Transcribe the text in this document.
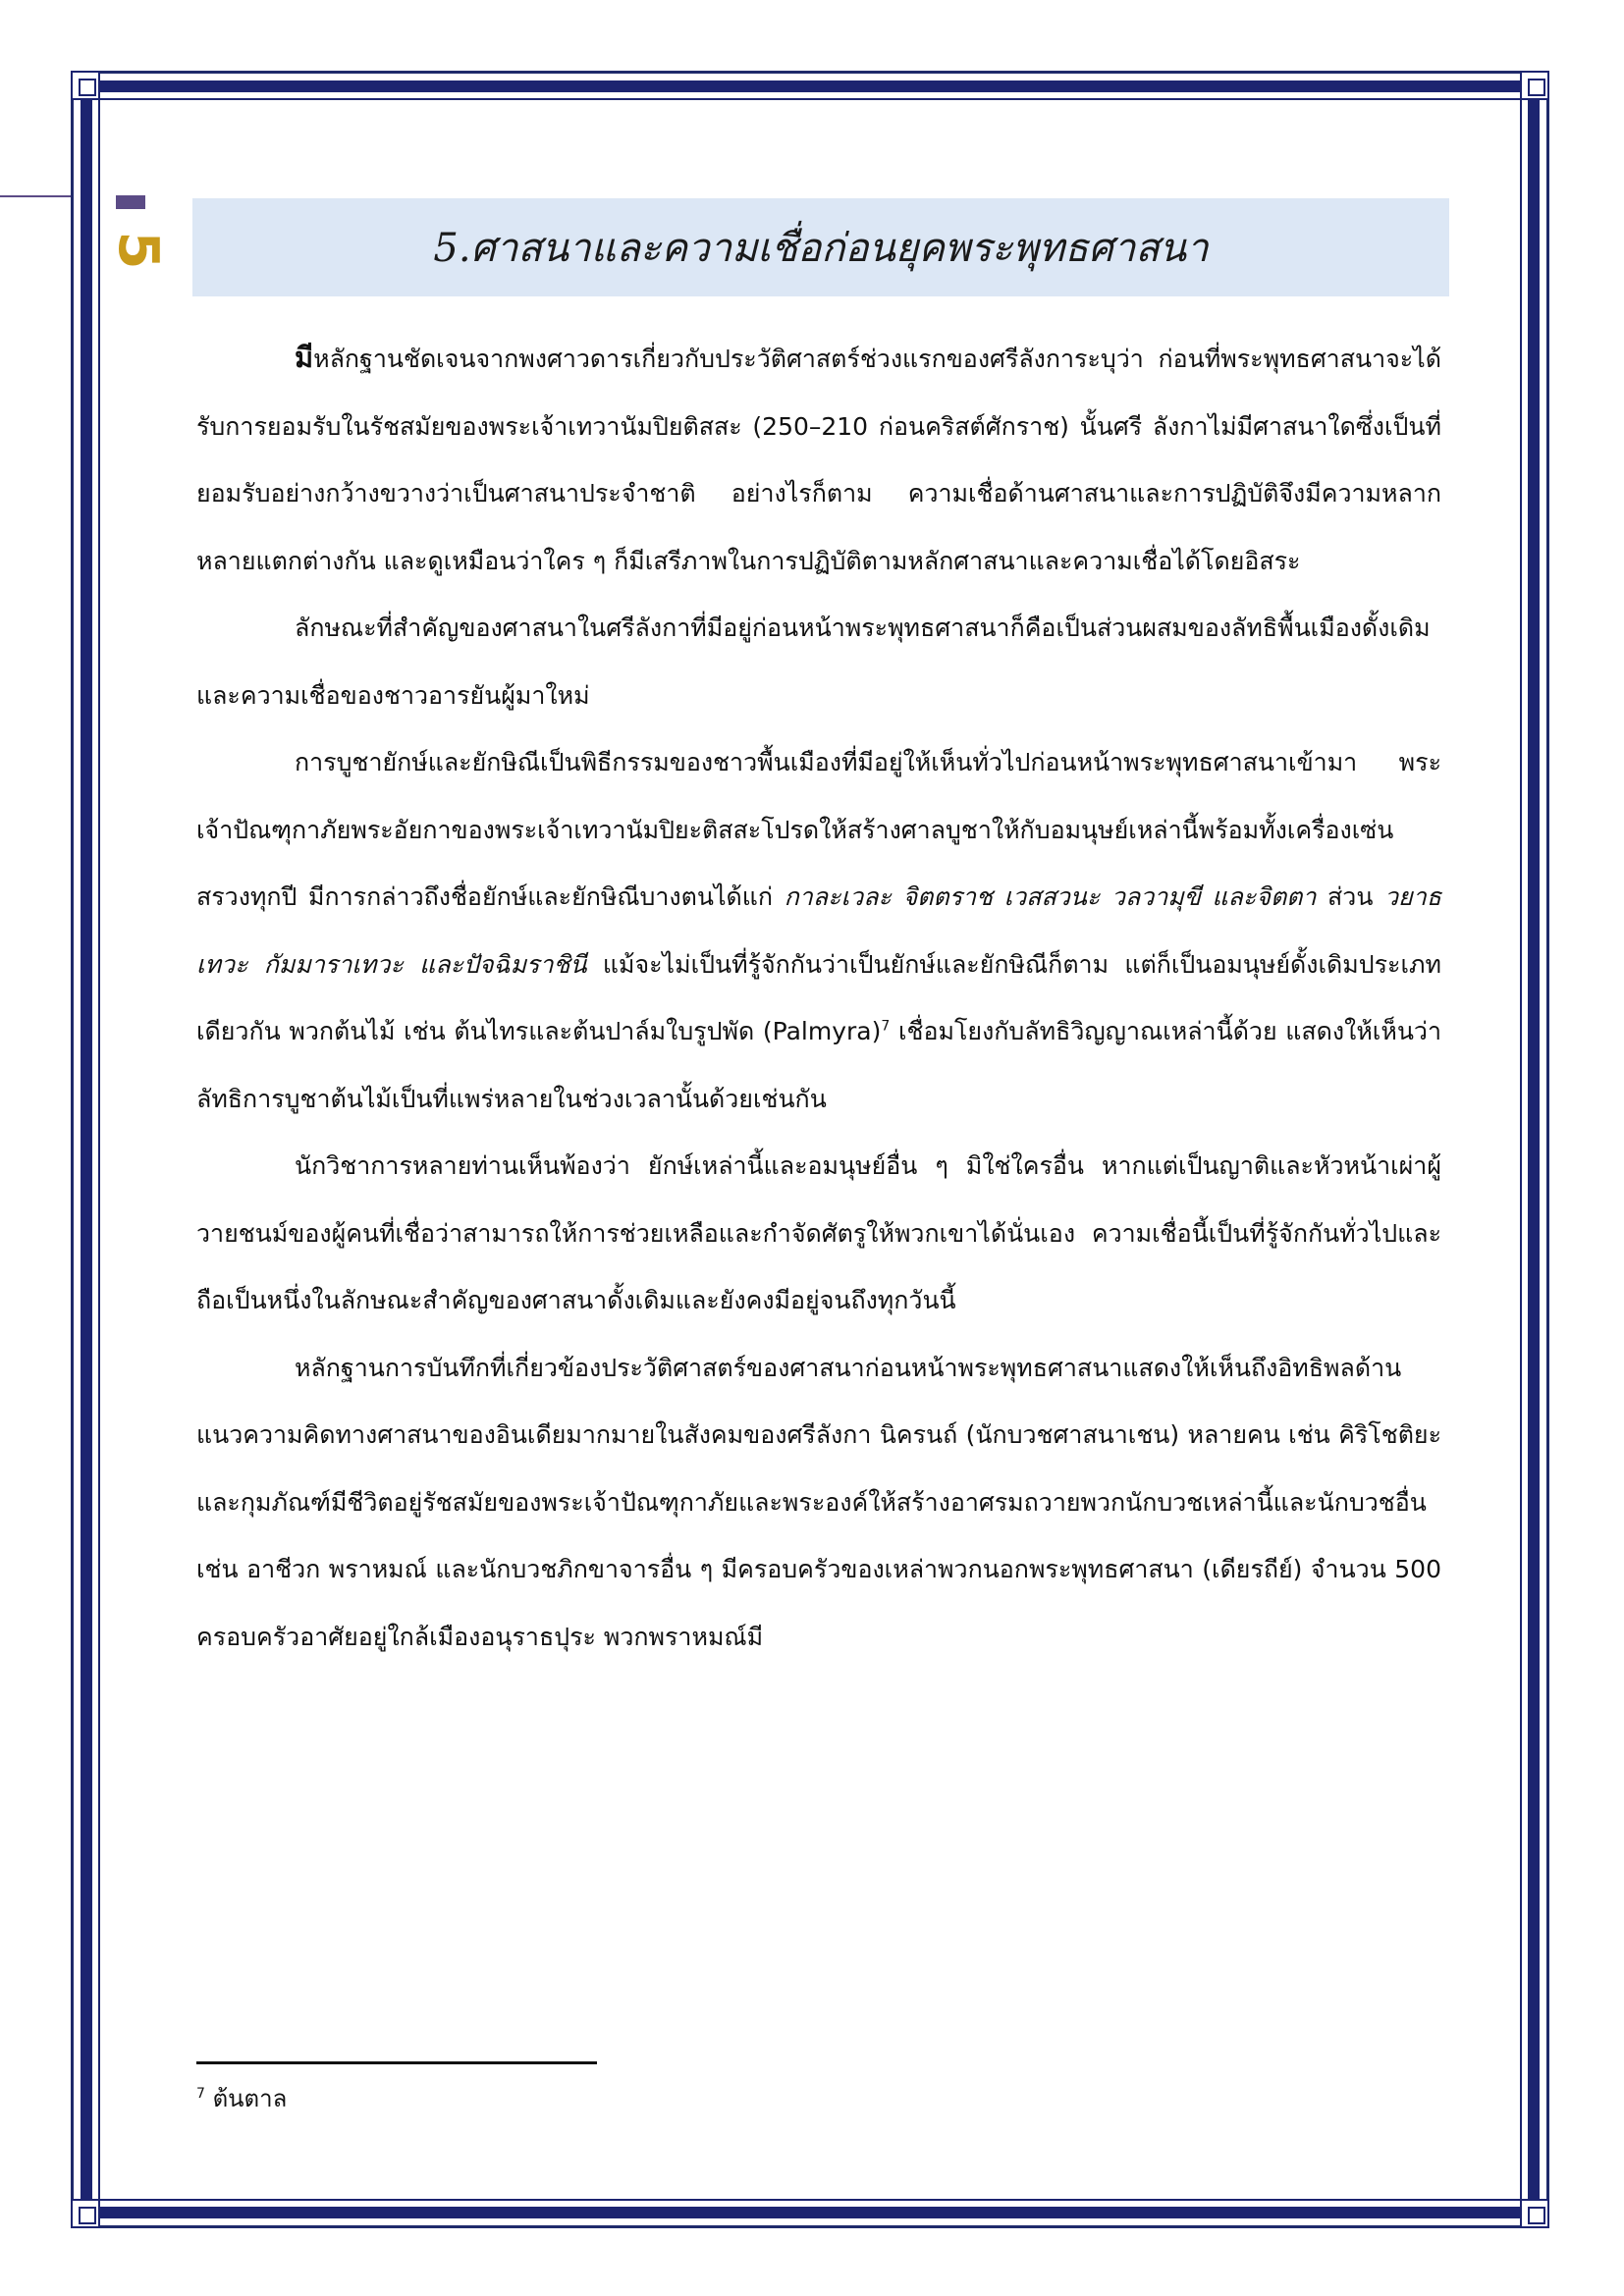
5	5.ศาสนาและความเชื่อก่อนยุคพระพุทธศาสนา

มีหลักฐานชัดเจนจากพงศาวดารเกี่ยวกับประวัติศาสตร์ช่วงแรกของศรีลังการะบุว่า ก่อนที่พระพุทธศาสนาจะได้รับการยอมรับในรัชสมัยของพระเจ้าเทวานัมปิยติสสะ (250–210 ก่อนคริสต์ศักราช) นั้นศรี ลังกาไม่มีศาสนาใดซึ่งเป็นที่ยอมรับอย่างกว้างขวางว่าเป็นศาสนาประจำชาติ อย่างไรก็ตาม ความเชื่อด้านศาสนาและการปฏิบัติจึงมีความหลากหลายแตกต่างกัน และดูเหมือนว่าใคร ๆ ก็มีเสรีภาพในการปฏิบัติตามหลักศาสนาและความเชื่อได้โดยอิสระ

ลักษณะที่สำคัญของศาสนาในศรีลังกาที่มีอยู่ก่อนหน้าพระพุทธศาสนาก็คือเป็นส่วนผสมของลัทธิพื้นเมืองดั้งเดิมและความเชื่อของชาวอารยันผู้มาใหม่

การบูชายักษ์และยักษิณีเป็นพิธีกรรมของชาวพื้นเมืองที่มีอยู่ให้เห็นทั่วไปก่อนหน้าพระพุทธศาสนาเข้ามา พระเจ้าปัณฑุกาภัยพระอัยกาของพระเจ้าเทวานัมปิยะติสสะโปรดให้สร้างศาลบูชาให้กับอมนุษย์เหล่านี้พร้อมทั้งเครื่องเซ่นสรวงทุกปี มีการกล่าวถึงชื่อยักษ์และยักษิณีบางตนได้แก่ กาละเวละ จิตตราช เวสสวนะ วลวามุขี และจิตตา ส่วน วยาธเทวะ กัมมาราเทวะ และปัจฉิมราชินี แม้จะไม่เป็นที่รู้จักกันว่าเป็นยักษ์และยักษิณีก็ตาม แต่ก็เป็นอมนุษย์ดั้งเดิมประเภทเดียวกัน พวกต้นไม้ เช่น ต้นไทรและต้นปาล์มใบรูปพัด (Palmyra)$^7$ เชื่อมโยงกับลัทธิวิญญาณเหล่านี้ด้วย แสดงให้เห็นว่า ลัทธิการบูชาต้นไม้เป็นที่แพร่หลายในช่วงเวลานั้นด้วยเช่นกัน

นักวิชาการหลายท่านเห็นพ้องว่า ยักษ์เหล่านี้และอมนุษย์อื่น ๆ มิใช่ใครอื่น หากแต่เป็นญาติและหัวหน้าเผ่าผู้วายชนม์ของผู้คนที่เชื่อว่าสามารถให้การช่วยเหลือและกำจัดศัตรูให้พวกเขาได้นั่นเอง ความเชื่อนี้เป็นที่รู้จักกันทั่วไปและถือเป็นหนึ่งในลักษณะสำคัญของศาสนาดั้งเดิมและยังคงมีอยู่จนถึงทุกวันนี้

หลักฐานการบันทึกที่เกี่ยวข้องประวัติศาสตร์ของศาสนาก่อนหน้าพระพุทธศาสนาแสดงให้เห็นถึงอิทธิพลด้านแนวความคิดทางศาสนาของอินเดียมากมายในสังคมของศรีลังกา นิครนถ์ (นักบวชศาสนาเชน) หลายคน เช่น คิริโชติยะและกุมภัณฑ์มีชีวิตอยู่รัชสมัยของพระเจ้าปัณฑุกาภัยและพระองค์ให้สร้างอาศรมถวายพวกนักบวชเหล่านี้และนักบวชอื่น เช่น อาชีวก พราหมณ์ และนักบวชภิกขาจารอื่น ๆ มีครอบครัวของเหล่าพวกนอกพระพุทธศาสนา (เดียรถีย์) จำนวน 500 ครอบครัวอาศัยอยู่ใกล้เมืองอนุราธปุระ พวกพราหมณ์มี

$^7$ ต้นตาล
